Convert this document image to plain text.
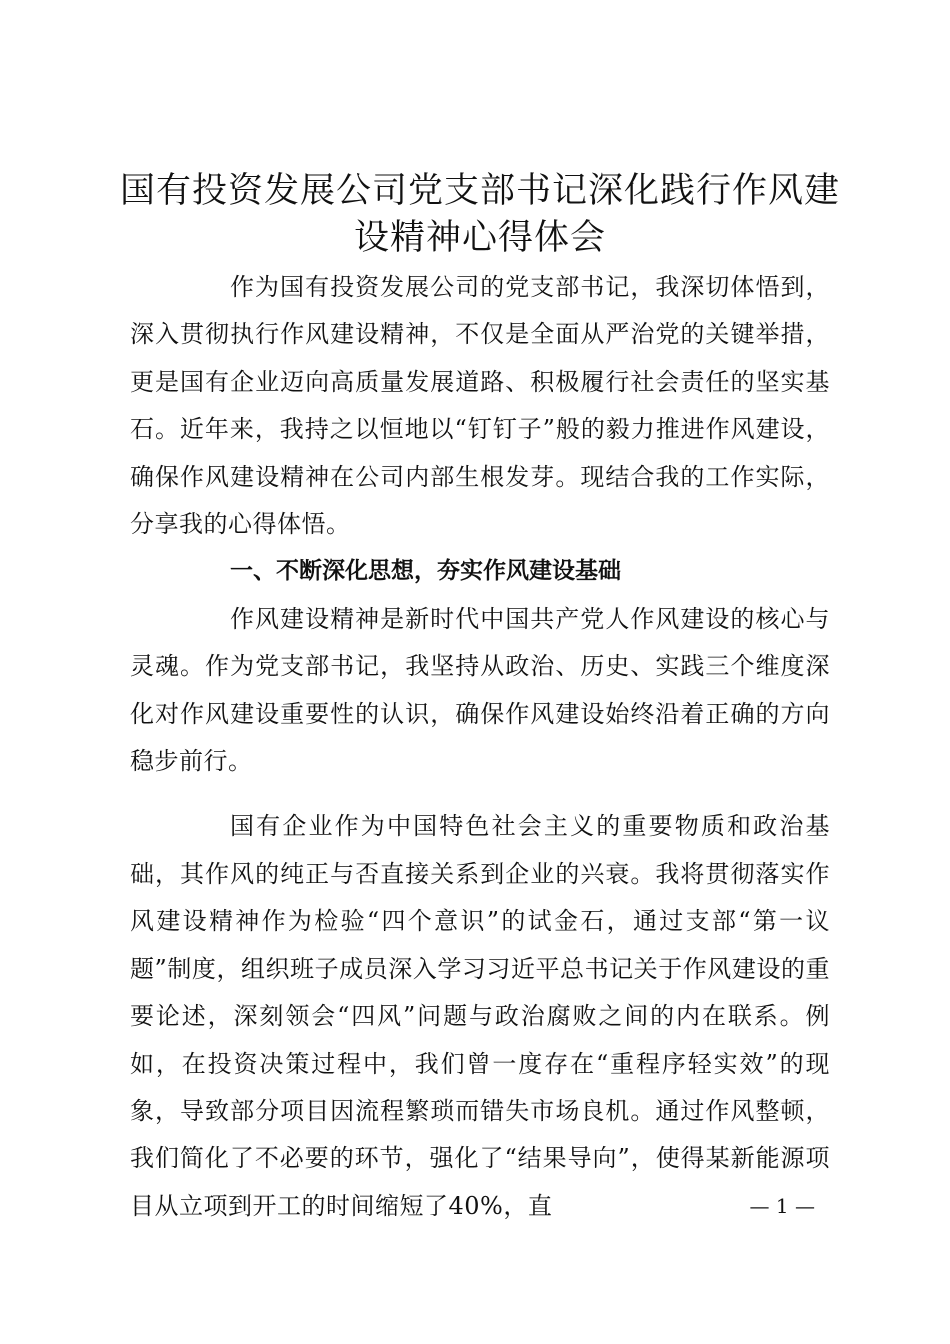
国有投资发展公司党支部书记深化践行作风建设精神心得体会

作为国有投资发展公司的党支部书记，我深切体悟到，深入贯彻执行作风建设精神，不仅是全面从严治党的关键举措，更是国有企业迈向高质量发展道路、积极履行社会责任的坚实基石。近年来，我持之以恒地以“钉钉子”般的毅力推进作风建设，确保作风建设精神在公司内部生根发芽。现结合我的工作实际，分享我的心得体悟。

一、不断深化思想，夯实作风建设基础

作风建设精神是新时代中国共产党人作风建设的核心与灵魂。作为党支部书记，我坚持从政治、历史、实践三个维度深化对作风建设重要性的认识，确保作风建设始终沿着正确的方向稳步前行。

国有企业作为中国特色社会主义的重要物质和政治基础，其作风的纯正与否直接关系到企业的兴衰。我将贯彻落实作风建设精神作为检验“四个意识”的试金石，通过支部“第一议题”制度，组织班子成员深入学习习近平总书记关于作风建设的重要论述，深刻领会“四风”问题与政治腐败之间的内在联系。例如，在投资决策过程中，我们曾一度存在“重程序轻实效”的现象，导致部分项目因流程繁琐而错失市场良机。通过作风整顿，我们简化了不必要的环节，强化了“结果导向”，使得某新能源项目从立项到开工的时间缩短了40%，直	— 1 —
